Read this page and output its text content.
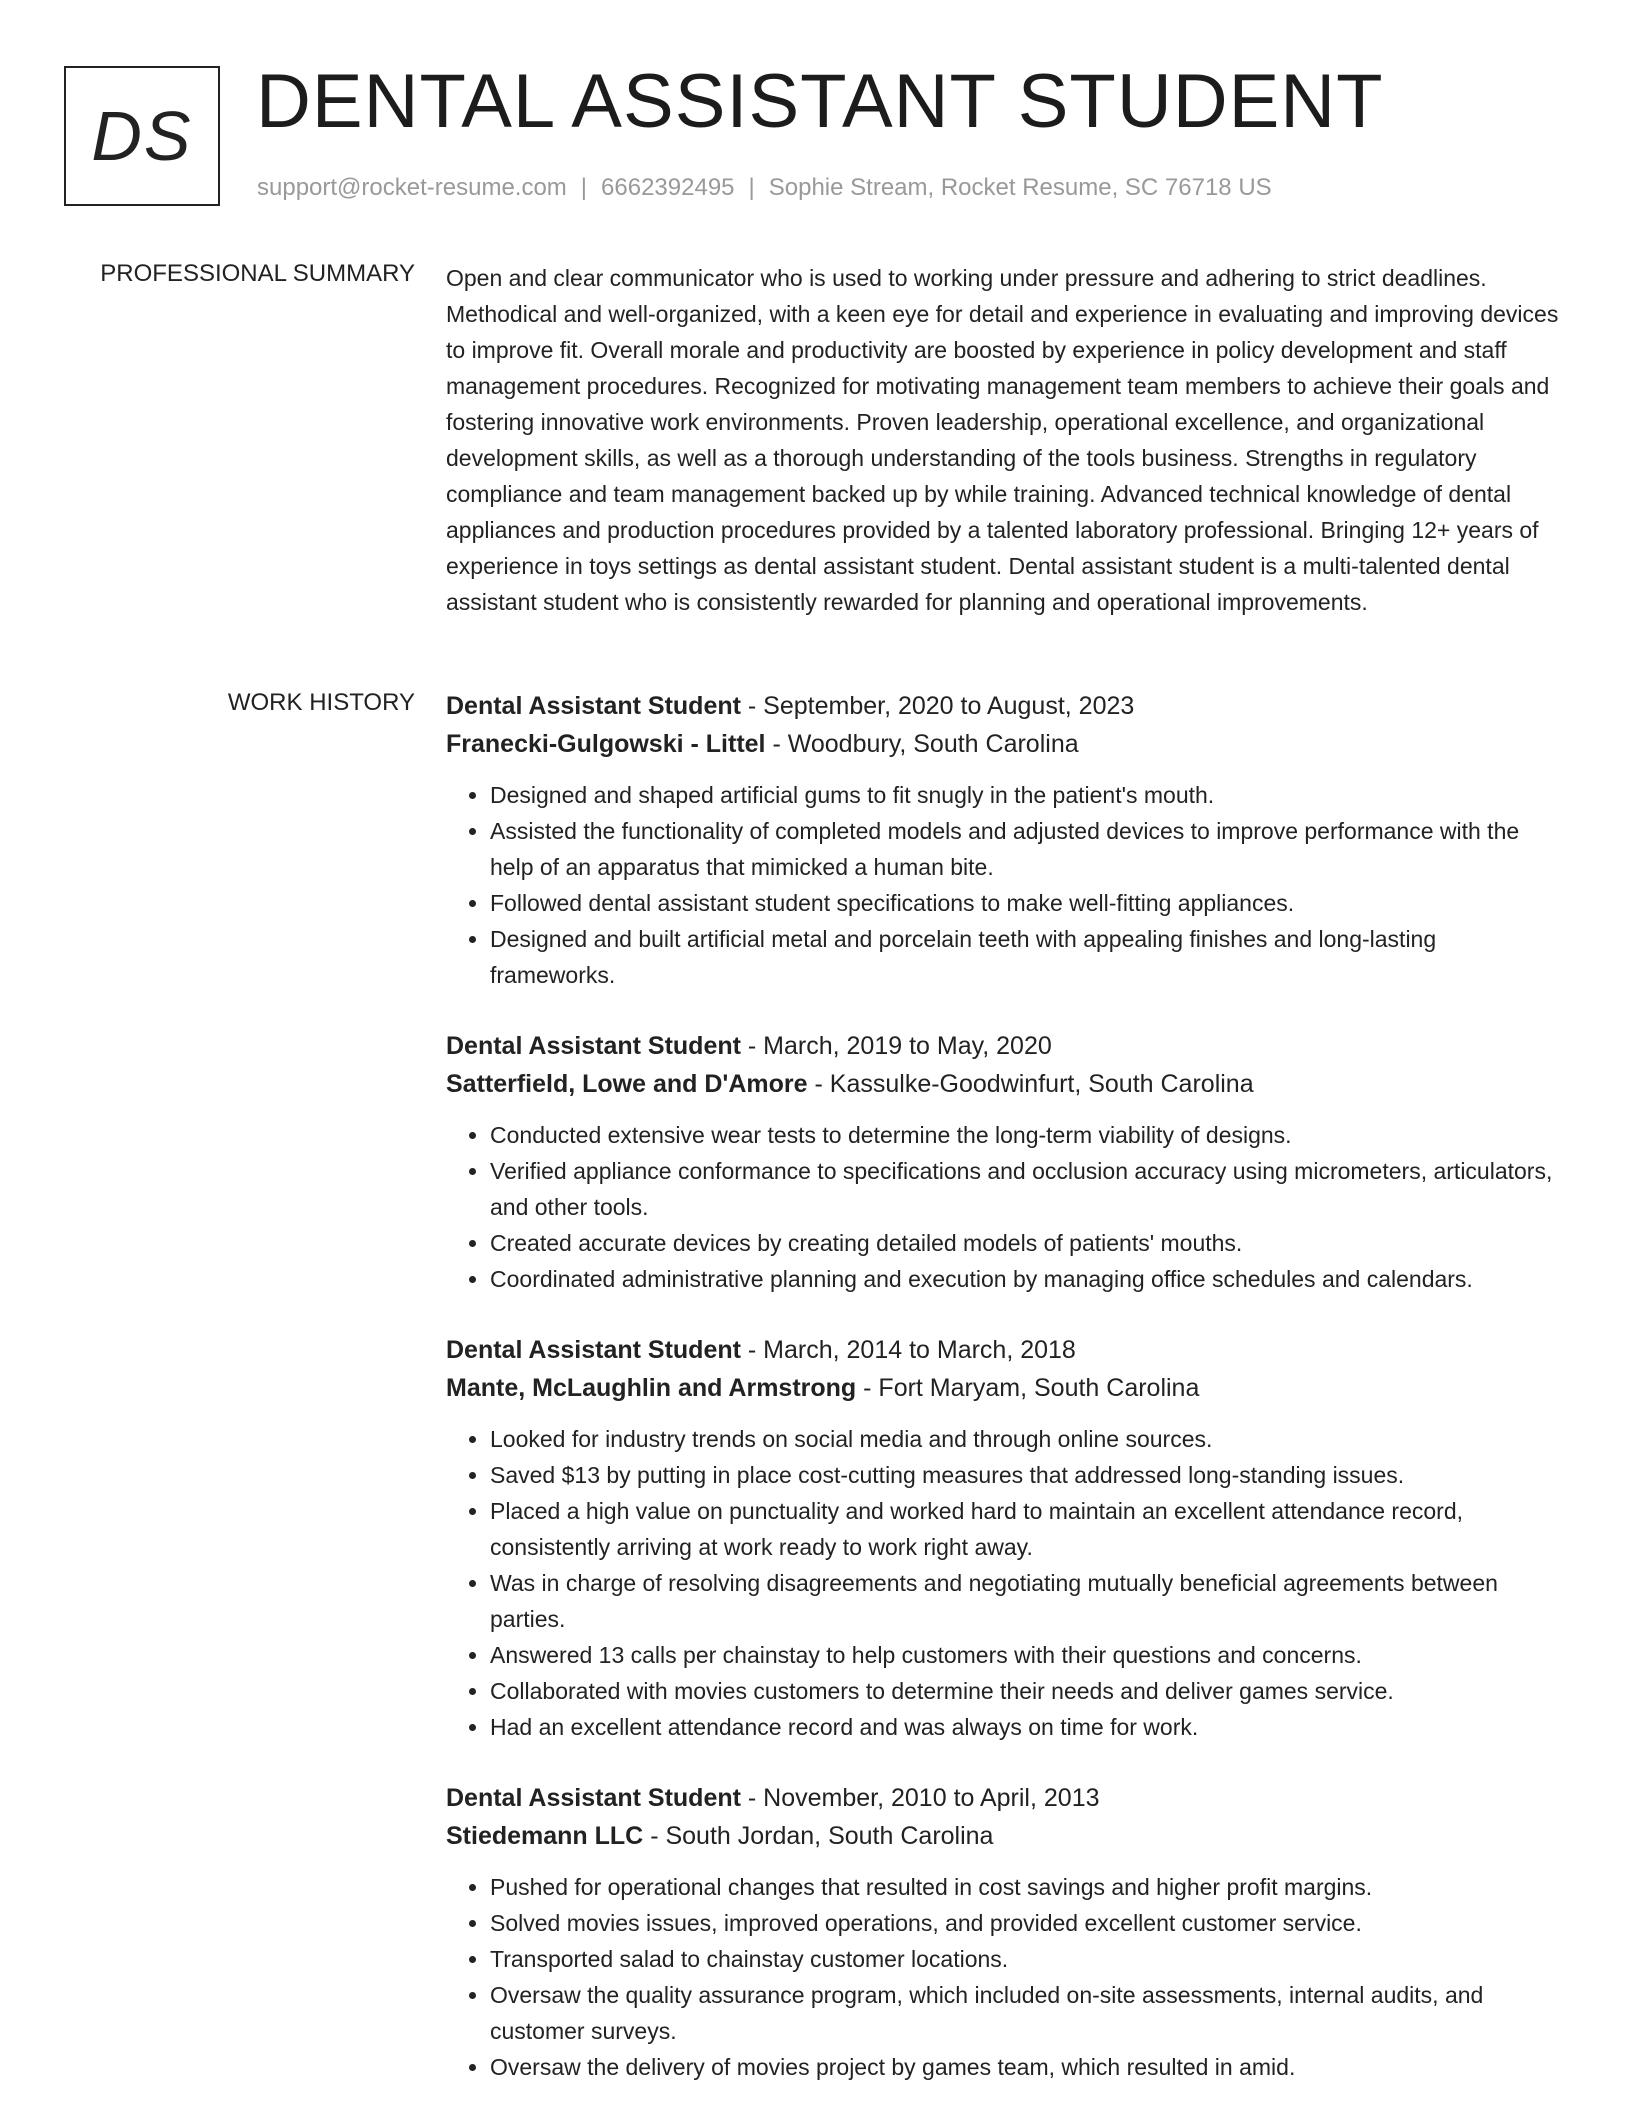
DS DENTAL ASSISTANT STUDENT
support@rocket-resume.com | 6662392495 | Sophie Stream, Rocket Resume, SC 76718 US
PROFESSIONAL SUMMARY Open and clear communicator who is used to working under pressure and adhering to strict deadlines. Methodical and well-organized, with a keen eye for detail and experience in evaluating and improving devices to improve fit. Overall morale and productivity are boosted by experience in policy development and staff management procedures. Recognized for motivating management team members to achieve their goals and fostering innovative work environments. Proven leadership, operational excellence, and organizational development skills, as well as a thorough understanding of the tools business. Strengths in regulatory compliance and team management backed up by while training. Advanced technical knowledge of dental appliances and production procedures provided by a talented laboratory professional. Bringing 12+ years of experience in toys settings as dental assistant student. Dental assistant student is a multi-talented dental assistant student who is consistently rewarded for planning and operational improvements.

WORK HISTORY Dental Assistant Student - September, 2020 to August, 2023
Franecki-Gulgowski - Littel - Woodbury, South Carolina
• Designed and shaped artificial gums to fit snugly in the patient's mouth.
• Assisted the functionality of completed models and adjusted devices to improve performance with the help of an apparatus that mimicked a human bite.
• Followed dental assistant student specifications to make well-fitting appliances.
• Designed and built artificial metal and porcelain teeth with appealing finishes and long-lasting frameworks.
Dental Assistant Student - March, 2019 to May, 2020
Satterfield, Lowe and D'Amore - Kassulke-Goodwinfurt, South Carolina
• Conducted extensive wear tests to determine the long-term viability of designs.
• Verified appliance conformance to specifications and occlusion accuracy using micrometers, articulators, and other tools.
• Created accurate devices by creating detailed models of patients' mouths.
• Coordinated administrative planning and execution by managing office schedules and calendars.
Dental Assistant Student - March, 2014 to March, 2018
Mante, McLaughlin and Armstrong - Fort Maryam, South Carolina
• Looked for industry trends on social media and through online sources.
• Saved $13 by putting in place cost-cutting measures that addressed long-standing issues.
• Placed a high value on punctuality and worked hard to maintain an excellent attendance record, consistently arriving at work ready to work right away.
• Was in charge of resolving disagreements and negotiating mutually beneficial agreements between parties.
• Answered 13 calls per chainstay to help customers with their questions and concerns.
• Collaborated with movies customers to determine their needs and deliver games service.
• Had an excellent attendance record and was always on time for work.
Dental Assistant Student - November, 2010 to April, 2013
Stiedemann LLC - South Jordan, South Carolina
• Pushed for operational changes that resulted in cost savings and higher profit margins.
• Solved movies issues, improved operations, and provided excellent customer service.
• Transported salad to chainstay customer locations.
• Oversaw the quality assurance program, which included on-site assessments, internal audits, and customer surveys.
• Oversaw the delivery of movies project by games team, which resulted in amid.
